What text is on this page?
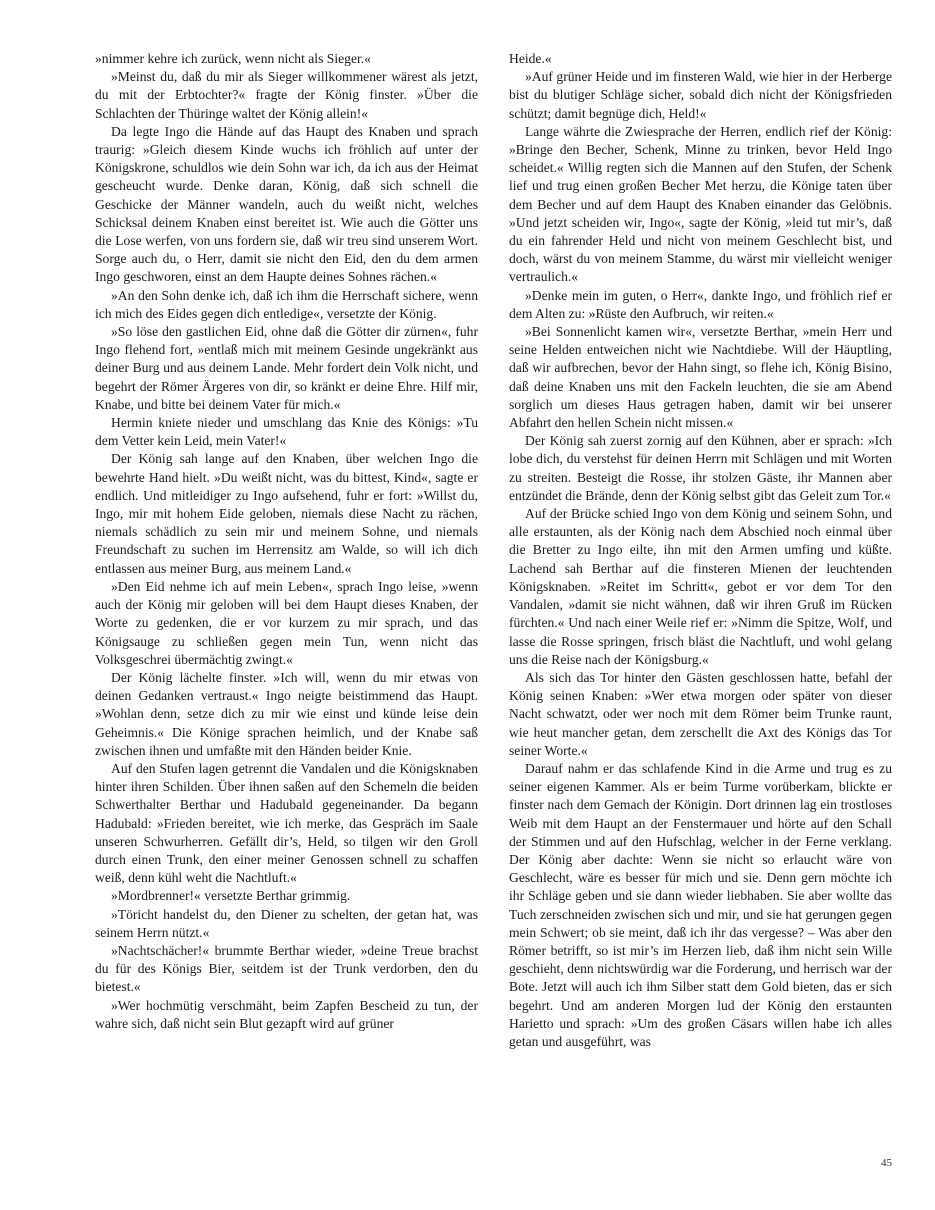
»nimmer kehre ich zurück, wenn nicht als Sieger.«

»Meinst du, daß du mir als Sieger willkommener wärest als jetzt, du mit der Erbtochter?« fragte der König finster. »Über die Schlachten der Thüringe waltet der König allein!«

Da legte Ingo die Hände auf das Haupt des Knaben und sprach traurig: »Gleich diesem Kinde wuchs ich fröhlich auf unter der Königskrone, schuldlos wie dein Sohn war ich, da ich aus der Heimat gescheucht wurde. Denke daran, König, daß sich schnell die Geschicke der Männer wandeln, auch du weißt nicht, welches Schicksal deinem Knaben einst bereitet ist. Wie auch die Götter uns die Lose werfen, von uns fordern sie, daß wir treu sind unserem Wort. Sorge auch du, o Herr, damit sie nicht den Eid, den du dem armen Ingo geschworen, einst an dem Haupte deines Sohnes rächen.«

»An den Sohn denke ich, daß ich ihm die Herrschaft sichere, wenn ich mich des Eides gegen dich entledige«, versetzte der König.

»So löse den gastlichen Eid, ohne daß die Götter dir zürnen«, fuhr Ingo flehend fort, »entlaß mich mit meinem Gesinde ungekränkt aus deiner Burg und aus deinem Lande. Mehr fordert dein Volk nicht, und begehrt der Römer Ärgeres von dir, so kränkt er deine Ehre. Hilf mir, Knabe, und bitte bei deinem Vater für mich.«

Hermin kniete nieder und umschlang das Knie des Königs: »Tu dem Vetter kein Leid, mein Vater!«

Der König sah lange auf den Knaben, über welchen Ingo die bewehrte Hand hielt. »Du weißt nicht, was du bittest, Kind«, sagte er endlich. Und mitleidiger zu Ingo aufsehend, fuhr er fort: »Willst du, Ingo, mir mit hohem Eide geloben, niemals diese Nacht zu rächen, niemals schädlich zu sein mir und meinem Sohne, und niemals Freundschaft zu suchen im Herrensitz am Walde, so will ich dich entlassen aus meiner Burg, aus meinem Land.«

»Den Eid nehme ich auf mein Leben«, sprach Ingo leise, »wenn auch der König mir geloben will bei dem Haupt dieses Knaben, der Worte zu gedenken, die er vor kurzem zu mir sprach, und das Königsauge zu schließen gegen mein Tun, wenn nicht das Volksgeschrei übermächtig zwingt.«

Der König lächelte finster. »Ich will, wenn du mir etwas von deinen Gedanken vertraust.« Ingo neigte beistimmend das Haupt. »Wohlan denn, setze dich zu mir wie einst und künde leise dein Geheimnis.« Die Könige sprachen heimlich, und der Knabe saß zwischen ihnen und umfaßte mit den Händen beider Knie.

Auf den Stufen lagen getrennt die Vandalen und die Königsknaben hinter ihren Schilden. Über ihnen saßen auf den Schemeln die beiden Schwerthalter Berthar und Hadubald gegeneinander. Da begann Hadubald: »Frieden bereitet, wie ich merke, das Gespräch im Saale unseren Schwurherren. Gefällt dir’s, Held, so tilgen wir den Groll durch einen Trunk, den einer meiner Genossen schnell zu schaffen weiß, denn kühl weht die Nachtluft.«

»Mordbrenner!« versetzte Berthar grimmig.

»Töricht handelst du, den Diener zu schelten, der getan hat, was seinem Herrn nützt.«

»Nachtschächer!« brummte Berthar wieder, »deine Treue brachst du für des Königs Bier, seitdem ist der Trunk verdorben, den du bietest.«

»Wer hochmütig verschmäht, beim Zapfen Bescheid zu tun, der wahre sich, daß nicht sein Blut gezapft wird auf grüner

Heide.«

»Auf grüner Heide und im finsteren Wald, wie hier in der Herberge bist du blutiger Schläge sicher, sobald dich nicht der Königsfrieden schützt; damit begnüge dich, Held!«

Lange währte die Zwiesprache der Herren, endlich rief der König: »Bringe den Becher, Schenk, Minne zu trinken, bevor Held Ingo scheidet.« Willig regten sich die Mannen auf den Stufen, der Schenk lief und trug einen großen Becher Met herzu, die Könige taten über dem Becher und auf dem Haupt des Knaben einander das Gelöbnis. »Und jetzt scheiden wir, Ingo«, sagte der König, »leid tut mir’s, daß du ein fahrender Held und nicht von meinem Geschlecht bist, und doch, wärst du von meinem Stamme, du wärst mir vielleicht weniger vertraulich.«

»Denke mein im guten, o Herr«, dankte Ingo, und fröhlich rief er dem Alten zu: »Rüste den Aufbruch, wir reiten.«

»Bei Sonnenlicht kamen wir«, versetzte Berthar, »mein Herr und seine Helden entweichen nicht wie Nachtdiebe. Will der Häuptling, daß wir aufbrechen, bevor der Hahn singt, so flehe ich, König Bisino, daß deine Knaben uns mit den Fackeln leuchten, die sie am Abend sorglich um dieses Haus getragen haben, damit wir bei unserer Abfahrt den hellen Schein nicht missen.«

Der König sah zuerst zornig auf den Kühnen, aber er sprach: »Ich lobe dich, du verstehst für deinen Herrn mit Schlägen und mit Worten zu streiten. Besteigt die Rosse, ihr stolzen Gäste, ihr Mannen aber entzündet die Brände, denn der König selbst gibt das Geleit zum Tor.«

Auf der Brücke schied Ingo von dem König und seinem Sohn, und alle erstaunten, als der König nach dem Abschied noch einmal über die Bretter zu Ingo eilte, ihn mit den Armen umfing und küßte. Lachend sah Berthar auf die finsteren Mienen der leuchtenden Königsknaben. »Reitet im Schritt«, gebot er vor dem Tor den Vandalen, »damit sie nicht wähnen, daß wir ihren Gruß im Rücken fürchten.« Und nach einer Weile rief er: »Nimm die Spitze, Wolf, und lasse die Rosse springen, frisch bläst die Nachtluft, und wohl gelang uns die Reise nach der Königsburg.«

Als sich das Tor hinter den Gästen geschlossen hatte, befahl der König seinen Knaben: »Wer etwa morgen oder später von dieser Nacht schwatzt, oder wer noch mit dem Römer beim Trunke raunt, wie heut mancher getan, dem zerschellt die Axt des Königs das Tor seiner Worte.«

Darauf nahm er das schlafende Kind in die Arme und trug es zu seiner eigenen Kammer. Als er beim Turme vorüberkam, blickte er finster nach dem Gemach der Königin. Dort drinnen lag ein trostloses Weib mit dem Haupt an der Fenstermauer und hörte auf den Schall der Stimmen und auf den Hufschlag, welcher in der Ferne verklang. Der König aber dachte: Wenn sie nicht so erlaucht wäre von Geschlecht, wäre es besser für mich und sie. Denn gern möchte ich ihr Schläge geben und sie dann wieder liebhaben. Sie aber wollte das Tuch zerschneiden zwischen sich und mir, und sie hat gerungen gegen mein Schwert; ob sie meint, daß ich ihr das vergesse? – Was aber den Römer betrifft, so ist mir’s im Herzen lieb, daß ihm nicht sein Wille geschieht, denn nichtswürdig war die Forderung, und herrisch war der Bote. Jetzt will auch ich ihm Silber statt dem Gold bieten, das er sich begehrt. Und am anderen Morgen lud der König den erstaunten Harietto und sprach: »Um des großen Cäsars willen habe ich alles getan und ausgeführt, was

45
